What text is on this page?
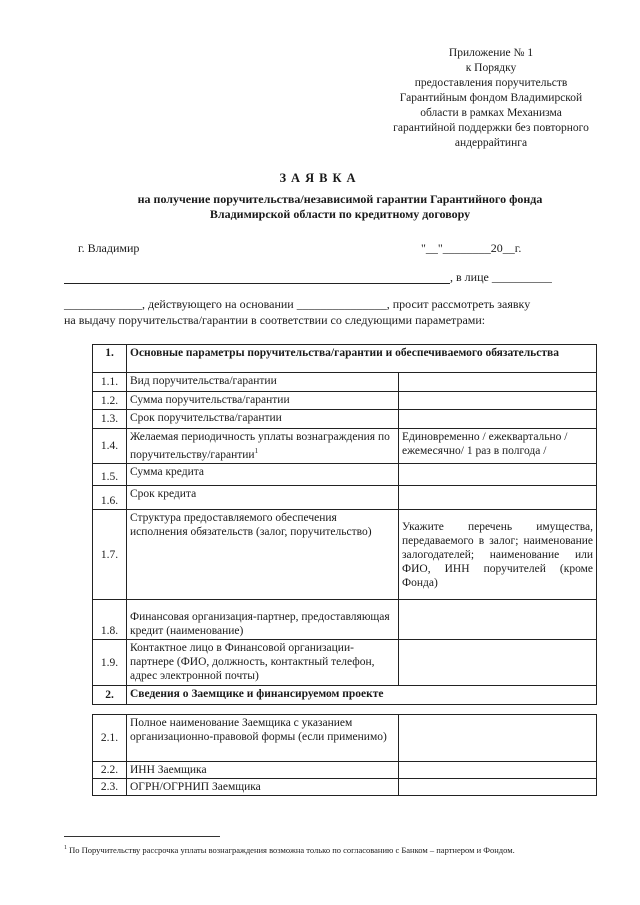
Приложение № 1
к Порядку
предоставления поручительств
Гарантийным фондом Владимирской
области в рамках Механизма
гарантийной поддержки без повторного
андеррайтинга
ЗАЯВКА
на получение поручительства/независимой гарантии Гарантийного фонда
Владимирской области по кредитному договору
г. Владимир	"__"________20__г.
, в лице __________
_____________, действующего на основании _______________, просит рассмотреть заявку
на выдачу поручительства/гарантии в соответствии со следующими параметрами:
1.	Основные параметры поручительства/гарантии и обеспечиваемого обязательства	
1.1.	Вид поручительства/гарантии	
1.2.	Сумма поручительства/гарантии	
1.3.	Срок поручительства/гарантии	
1.4.	Желаемая периодичность уплаты вознаграждения по поручительству/гарантии$^1$	Единовременно / ежеквартально / ежемесячно/ 1 раз в полгода /
1.5.	Сумма кредита	
1.6.	Срок кредита	
1.7.	Структура предоставляемого обеспечения исполнения обязательств (залог, поручительство)	Укажите перечень имущества, передаваемого в залог; наименование залогодателей; наименование или ФИО, ИНН поручителей (кроме Фонда)
1.8.	Финансовая организация-партнер, предоставляющая кредит (наименование)	
1.9.	Контактное лицо в Финансовой организации-партнере (ФИО, должность, контактный телефон, адрес электронной почты)	
2.	Сведения о Заемщике и финансируемом проекте	
2.1.	Полное наименование Заемщика с указанием организационно-правовой формы (если применимо)	
2.2.	ИНН Заемщика	
2.3.	ОГРН/ОГРНИП Заемщика	
$^1$ По Поручительству рассрочка уплаты вознаграждения возможна только по согласованию с Банком – партнером и Фондом.
